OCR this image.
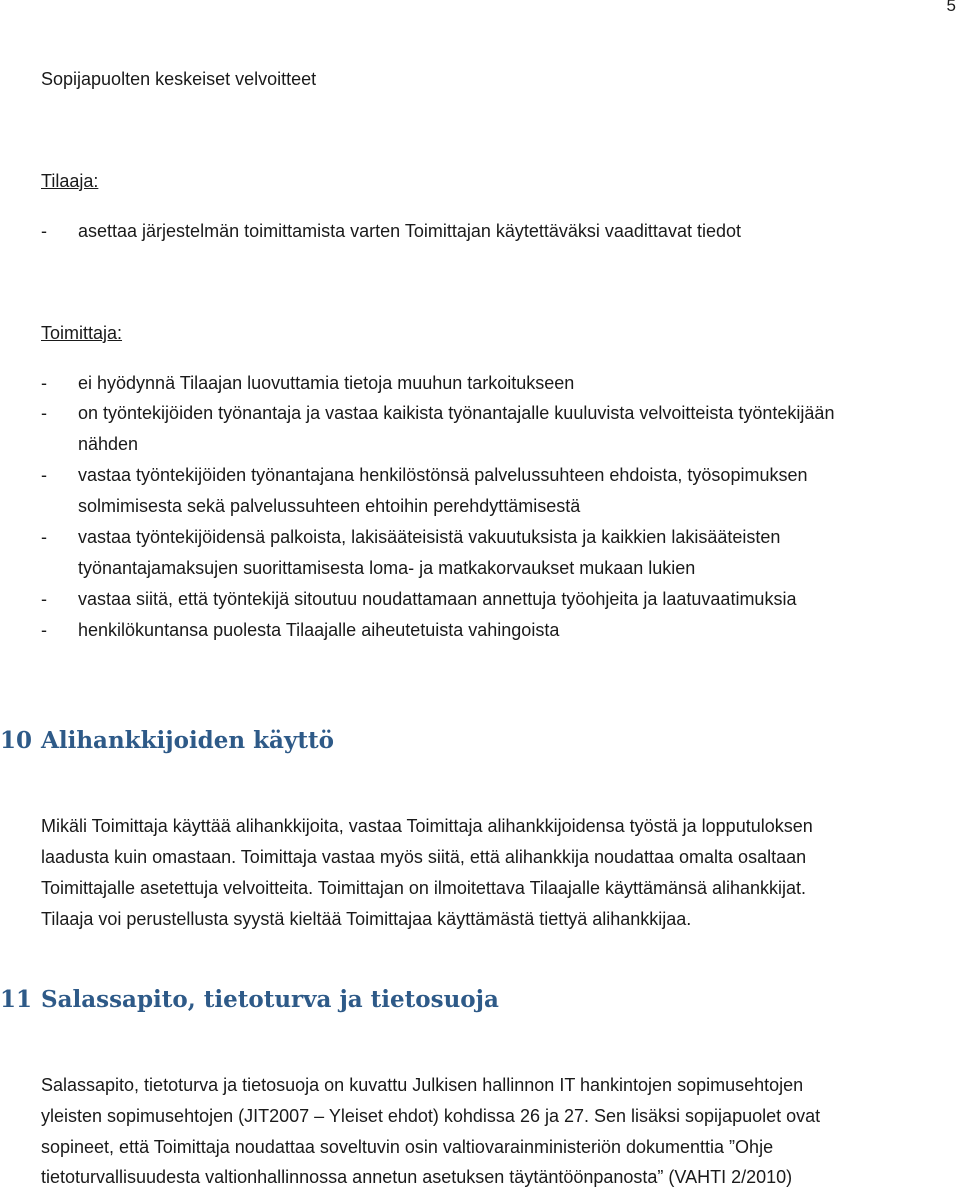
5
Sopijapuolten keskeiset velvoitteet
Tilaaja:
- asettaa järjestelmän toimittamista varten Toimittajan käytettäväksi vaadittavat tiedot
Toimittaja:
- ei hyödynnä Tilaajan luovuttamia tietoja muuhun tarkoitukseen
- on työntekijöiden työnantaja ja vastaa kaikista työnantajalle kuuluvista velvoitteista työntekijään
nähden
- vastaa työntekijöiden työnantajana henkilöstönsä palvelussuhteen ehdoista, työsopimuksen
solmimisesta sekä palvelussuhteen ehtoihin perehdyttämisestä
- vastaa työntekijöidensä palkoista, lakisääteisistä vakuutuksista ja kaikkien lakisääteisten
työnantajamaksujen suorittamisesta loma- ja matkakorvaukset mukaan lukien
- vastaa siitä, että työntekijä sitoutuu noudattamaan annettuja työohjeita ja laatuvaatimuksia
- henkilökuntansa puolesta Tilaajalle aiheutetuista vahingoista
10 Alihankkijoiden käyttö
Mikäli Toimittaja käyttää alihankkijoita, vastaa Toimittaja alihankkijoidensa työstä ja lopputuloksen
laadusta kuin omastaan. Toimittaja vastaa myös siitä, että alihankkija noudattaa omalta osaltaan
Toimittajalle asetettuja velvoitteita. Toimittajan on ilmoitettava Tilaajalle käyttämänsä alihankkijat.
Tilaaja voi perustellusta syystä kieltää Toimittajaa käyttämästä tiettyä alihankkijaa.
11 Salassapito, tietoturva ja tietosuoja
Salassapito, tietoturva ja tietosuoja on kuvattu Julkisen hallinnon IT hankintojen sopimusehtojen
yleisten sopimusehtojen (JIT2007 – Yleiset ehdot) kohdissa 26 ja 27. Sen lisäksi sopijapuolet ovat
sopineet, että Toimittaja noudattaa soveltuvin osin valtiovarainministeriön dokumenttia ”Ohje
tietoturvallisuudesta valtionhallinnossa annetun asetuksen täytäntöönpanosta” (VAHTI 2/2010)
